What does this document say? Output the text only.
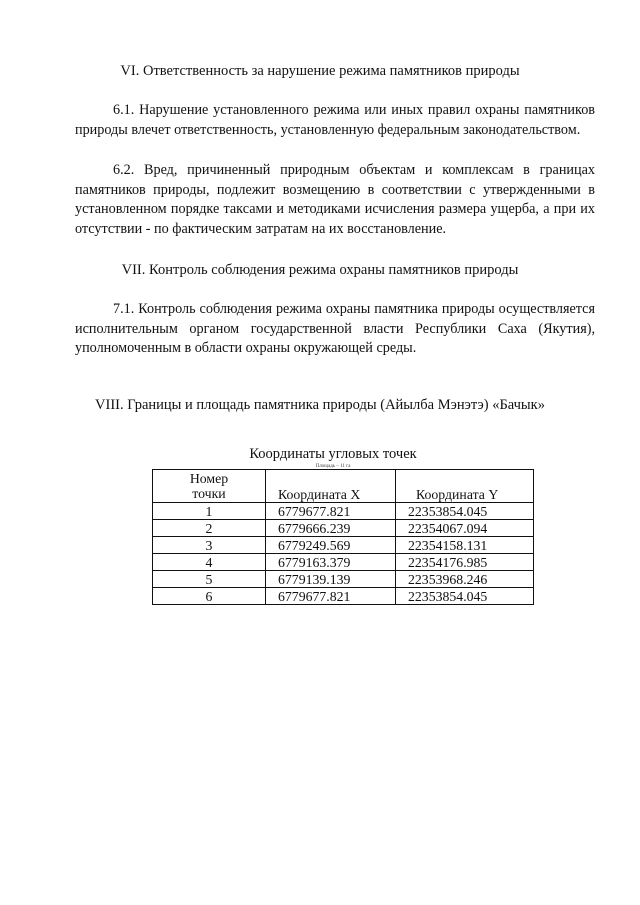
VI. Ответственность за нарушение режима памятников природы

6.1. Нарушение установленного режима или иных правил охраны памятников природы влечет ответственность, установленную федеральным законодательством.

6.2. Вред, причиненный природным объектам и комплексам в границах памятников природы, подлежит возмещению в соответствии с утвержденными в установленном порядке таксами и методиками исчисления размера ущерба, а при их отсутствии - по фактическим затратам на их восстановление.

VII. Контроль соблюдения режима охраны памятников природы

7.1. Контроль соблюдения режима охраны памятника природы осуществляется исполнительным органом государственной власти Республики Саха (Якутия), уполномоченным в области охраны окружающей среды.

VIII. Границы и площадь памятника природы (Айылбa Мэнэтэ) «Бачык»
Координаты угловых точек
Площадь – 11 га
Номер
точки	Координата X	Координата Y
1	6779677.821	22353854.045
2	6779666.239	22354067.094
3	6779249.569	22354158.131
4	6779163.379	22354176.985
5	6779139.139	22353968.246
6	6779677.821	22353854.045
